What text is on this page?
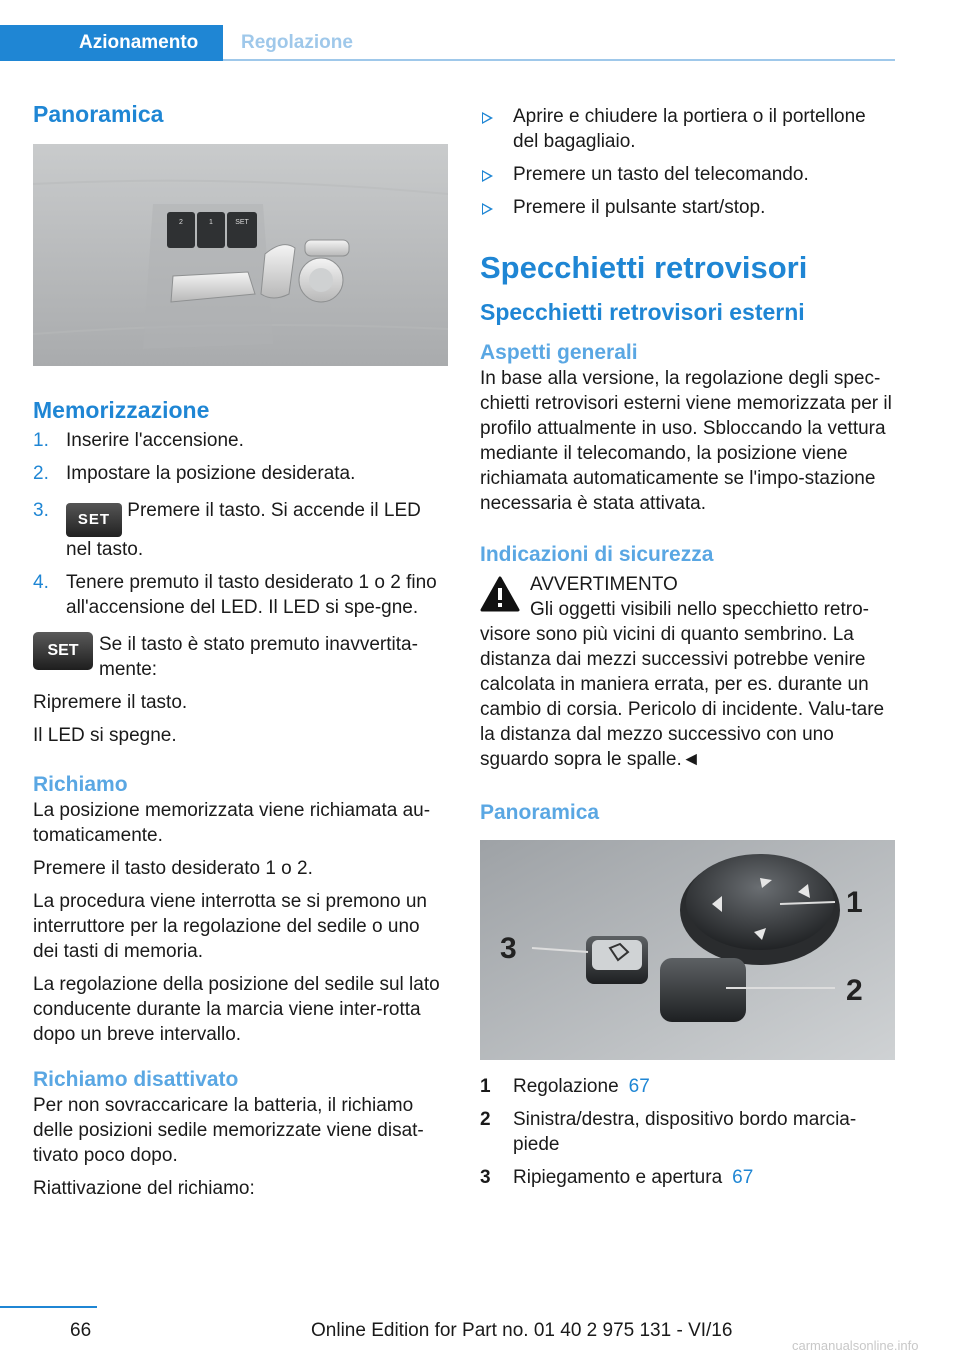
Azionamento Regolazione
Panoramica
2	1	SET
Memorizzazione
1. Inserire l'accensione.

2. Impostare la posizione desiderata.

3.	SET Premere il tasto. Si accende il LED nel tasto.

4. Tenere premuto il tasto desiderato 1 o 2 fino all'accensione del LED. Il LED si spe-gne.

SET	Se il tasto è stato premuto inavvertita-mente:

Ripremere il tasto.

Il LED si spegne.

Richiamo

La posizione memorizzata viene richiamata au-tomaticamente.

Premere il tasto desiderato 1 o 2.

La procedura viene interrotta se si premono un interruttore per la regolazione del sedile o uno dei tasti di memoria.

La regolazione della posizione del sedile sul lato conducente durante la marcia viene inter-rotta dopo un breve intervallo.

Richiamo disattivato

Per non sovraccaricare la batteria, il richiamo delle posizioni sedile memorizzate viene disat-tivato poco dopo.

Riattivazione del richiamo:

Aprire e chiudere la portiera o il portellone del bagagliaio.

Premere un tasto del telecomando.

Premere il pulsante start/stop.

Specchietti retrovisori
Specchietti retrovisori esterni
Aspetti generali

In base alla versione, la regolazione degli spec-chietti retrovisori esterni viene memorizzata per il profilo attualmente in uso. Sbloccando la vettura mediante il telecomando, la posizione viene richiamata automaticamente se l'impo-stazione necessaria è stata attivata.

Indicazioni di sicurezza

AVVERTIMENTO

Gli oggetti visibili nello specchietto retro-

visore sono più vicini di quanto sembrino. La distanza dai mezzi successivi potrebbe venire calcolata in maniera errata, per es. durante un cambio di corsia. Pericolo di incidente. Valu-tare la distanza dal mezzo successivo con uno sguardo sopra le spalle.◄

Panoramica
1
2
3
1 Regolazione 67
2 Sinistra/destra, dispositivo bordo marcia-piede
3 Ripiegamento e apertura 67
66	Online Edition for Part no. 01 40 2 975 131 - VI/16
carmanualsonline.info
